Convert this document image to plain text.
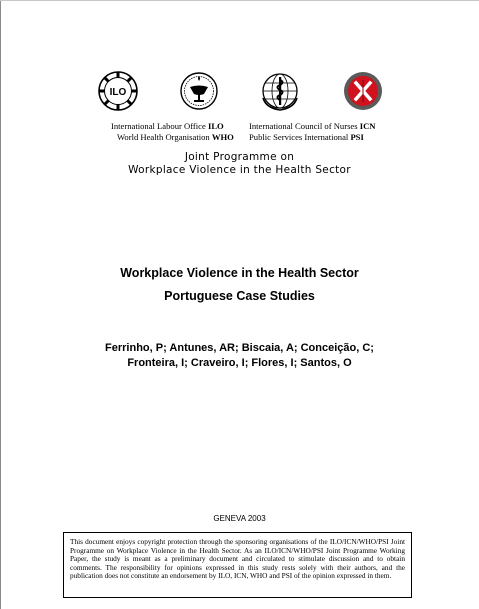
ILO
International Labour Office ILO	International Council of Nurses ICN
World Health Organisation WHO Public Services International PSI
Joint Programme on
Workplace Violence in the Health Sector
Workplace Violence in the Health Sector
Portuguese Case Studies
Ferrinho, P; Antunes, AR; Biscaia, A; Conceição, C;
Fronteira, I; Craveiro, I; Flores, I; Santos, O
GENEVA 2003
This document enjoys copyright protection through the sponsoring organisations of the ILO/ICN/WHO/PSI Joint Programme on Workplace Violence in the Health Sector. As an ILO/ICN/WHO/PSI Joint Programme Working Paper, the study is meant as a preliminary document and circulated to stimulate discussion and to obtain comments. The responsibility for opinions expressed in this study rests solely with their authors, and the publication does not constitute an endorsement by ILO, ICN, WHO and PSI of the opinion expressed in them.
